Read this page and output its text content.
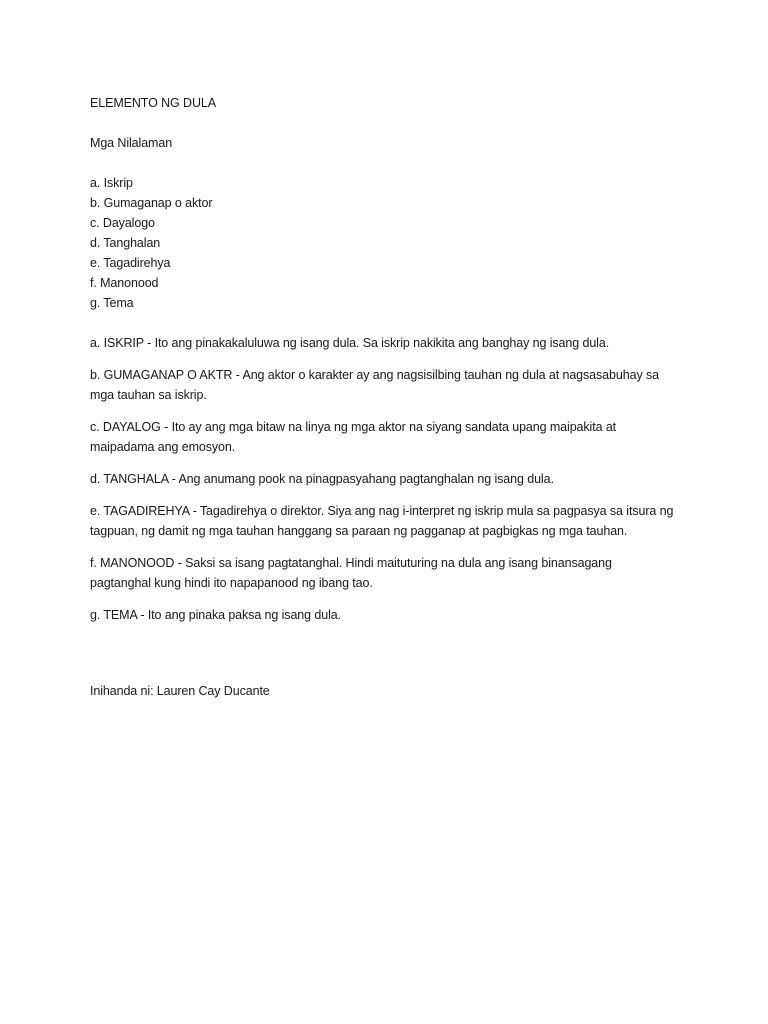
ELEMENTO NG DULA

Mga Nilalaman

a. Iskrip
b. Gumaganap o aktor
c. Dayalogo
d. Tanghalan
e. Tagadirehya
f. Manonood
g. Tema

a. ISKRIP - Ito ang pinakakaluluwa ng isang dula. Sa iskrip nakikita ang banghay ng isang dula.

b. GUMAGANAP O AKTR - Ang aktor o karakter ay ang nagsisilbing tauhan ng dula at nagsasabuhay sa

mga tauhan sa iskrip.

c. DAYALOG - Ito ay ang mga bitaw na linya ng mga aktor na siyang sandata upang maipakita at

maipadama ang emosyon.

d. TANGHALA - Ang anumang pook na pinagpasyahang pagtanghalan ng isang dula.

e. TAGADIREHYA - Tagadirehya o direktor. Siya ang nag i-interpret ng iskrip mula sa pagpasya sa itsura ng

tagpuan, ng damit ng mga tauhan hanggang sa paraan ng pagganap at pagbigkas ng mga tauhan.

f. MANONOOD - Saksi sa isang pagtatanghal. Hindi maituturing na dula ang isang binansagang

pagtanghal kung hindi ito napapanood ng ibang tao.

g. TEMA - Ito ang pinaka paksa ng isang dula.

Inihanda ni: Lauren Cay Ducante
